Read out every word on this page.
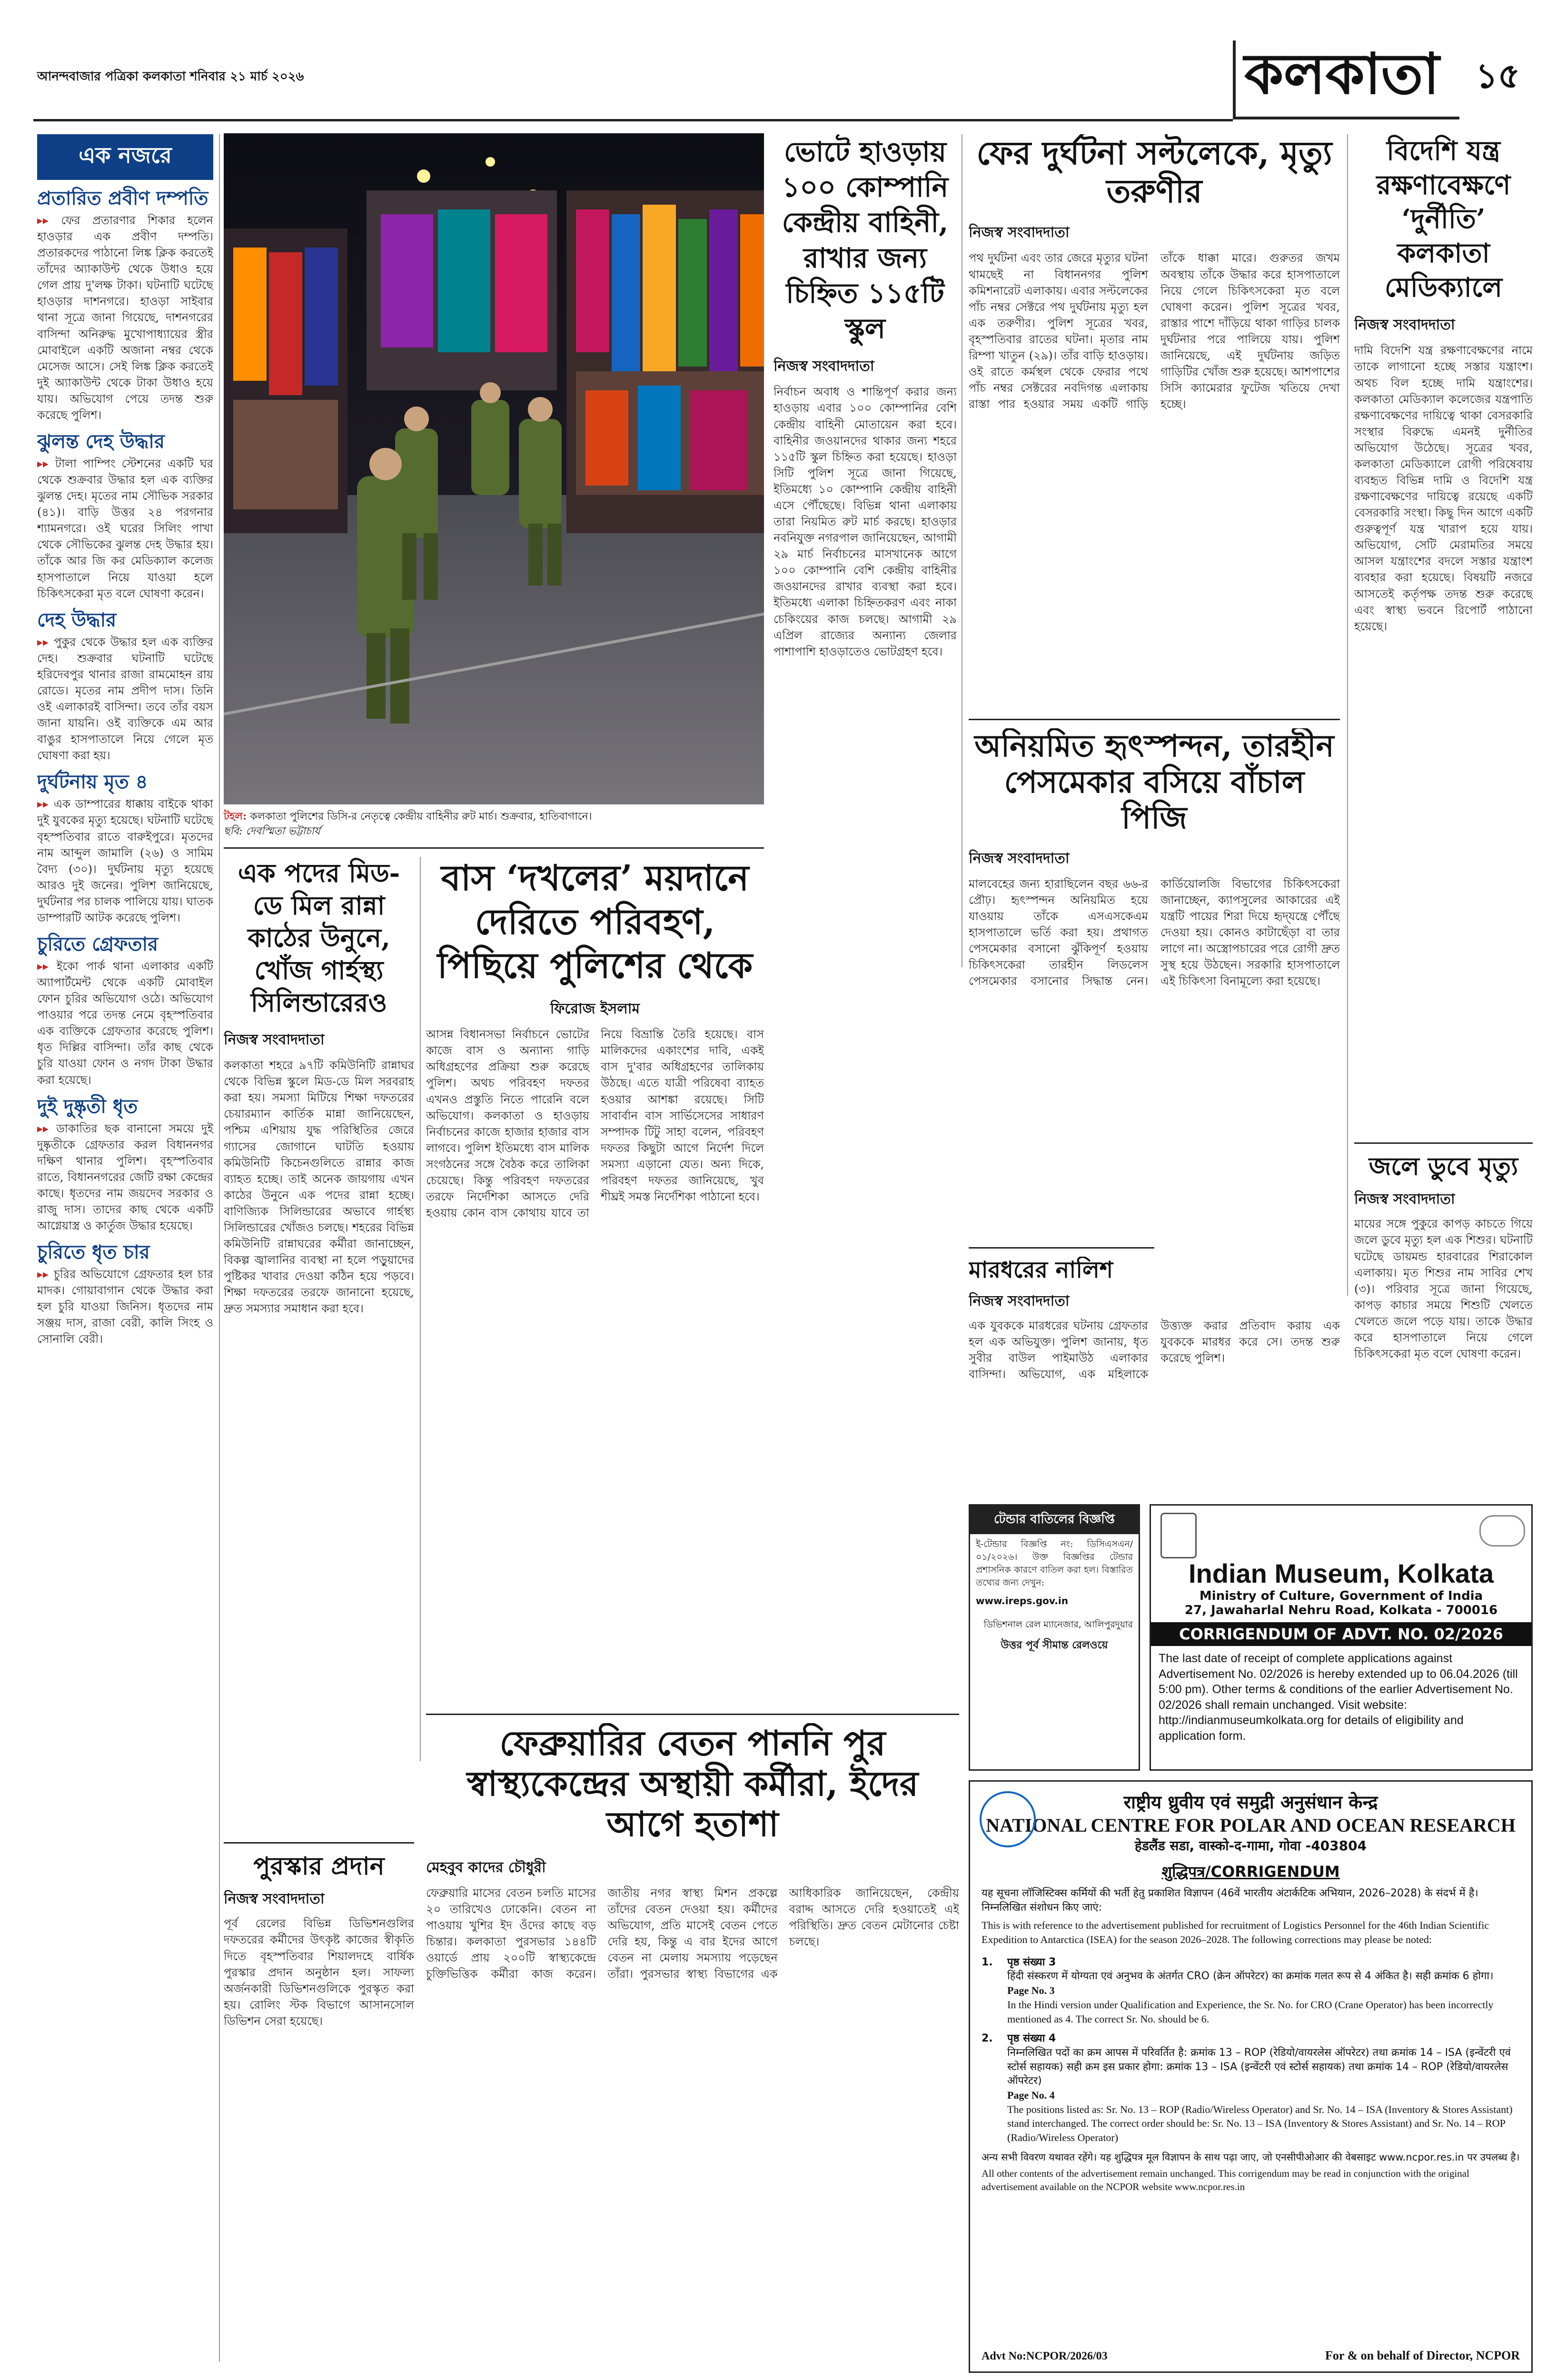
আনন্দবাজার পত্রিকা কলকাতা শনিবার ২১ মার্চ ২০২৬	কলকাতা	১৫
এক নজরে
প্রতারিত প্রবীণ দম্পতি
▸▸ ফের প্রতারণার শিকার হলেন হাওড়ার এক প্রবীণ দম্পতি। প্রতারকদের পাঠানো লিঙ্ক ক্লিক করতেই তাঁদের অ্যাকাউন্ট থেকে উধাও হয়ে গেল প্রায় দু'লক্ষ টাকা। ঘটনাটি ঘটেছে হাওড়ার দাশনগরে। হাওড়া সাইবার থানা সূত্রে জানা গিয়েছে, দাশনগরের বাসিন্দা অনিরুদ্ধ মুখোপাধ্যায়ের স্ত্রীর মোবাইলে একটি অজানা নম্বর থেকে মেসেজ আসে। সেই লিঙ্ক ক্লিক করতেই দুই অ্যাকাউন্ট থেকে টাকা উধাও হয়ে যায়। অভিযোগ পেয়ে তদন্ত শুরু করেছে পুলিশ।
ঝুলন্ত দেহ উদ্ধার
▸▸ টালা পাম্পিং স্টেশনের একটি ঘর থেকে শুক্রবার উদ্ধার হল এক ব্যক্তির ঝুলন্ত দেহ। মৃতের নাম সৌভিক সরকার (৪১)। বাড়ি উত্তর ২৪ পরগনার শ্যামনগরে। ওই ঘরের সিলিং পাখা থেকে সৌভিকের ঝুলন্ত দেহ উদ্ধার হয়। তাঁকে আর জি কর মেডিক্যাল কলেজ হাসপাতালে নিয়ে যাওয়া হলে চিকিৎসকেরা মৃত বলে ঘোষণা করেন।
দেহ উদ্ধার
▸▸ পুকুর থেকে উদ্ধার হল এক ব্যক্তির দেহ। শুক্রবার ঘটনাটি ঘটেছে হরিদেবপুর থানার রাজা রামমোহন রায় রোডে। মৃতের নাম প্রদীপ দাস। তিনি ওই এলাকারই বাসিন্দা। তবে তাঁর বয়স জানা যায়নি। ওই ব্যক্তিকে এম আর বাঙুর হাসপাতালে নিয়ে গেলে মৃত ঘোষণা করা হয়।
দুর্ঘটনায় মৃত ৪
▸▸ এক ডাম্পারের ধাক্কায় বাইকে থাকা দুই যুবকের মৃত্যু হয়েছে। ঘটনাটি ঘটেছে বৃহস্পতিবার রাতে বারুইপুরে। মৃতদের নাম আব্দুল জামালি (২৬) ও সামিম বৈদ্য (৩০)। দুর্ঘটনায় মৃত্যু হয়েছে আরও দুই জনের। পুলিশ জানিয়েছে, দুর্ঘটনার পর চালক পালিয়ে যায়। ঘাতক ডাম্পারটি আটক করেছে পুলিশ।
চুরিতে গ্রেফতার
▸▸ ইকো পার্ক থানা এলাকার একটি অ্যাপার্টমেন্ট থেকে একটি মোবাইল ফোন চুরির অভিযোগ ওঠে। অভিযোগ পাওয়ার পরে তদন্ত নেমে বৃহস্পতিবার এক ব্যক্তিকে গ্রেফতার করেছে পুলিশ। ধৃত দিল্লির বাসিন্দা। তাঁর কাছ থেকে চুরি যাওয়া ফোন ও নগদ টাকা উদ্ধার করা হয়েছে।
দুই দুষ্কৃতী ধৃত
▸▸ ডাকাতির ছক বানানো সময়ে দুই দুষ্কৃতীকে গ্রেফতার করল বিধাননগর দক্ষিণ থানার পুলিশ। বৃহস্পতিবার রাতে, বিধাননগরের জেটি রক্ষা কেন্দ্রের কাছে। ধৃতদের নাম জয়দেব সরকার ও রাজু দাস। তাদের কাছ থেকে একটি আগ্নেয়াস্ত্র ও কার্তুজ উদ্ধার হয়েছে।
চুরিতে ধৃত চার
▸▸ চুরির অভিযোগে গ্রেফতার হল চার মাদক। গোয়াবাগান থেকে উদ্ধার করা হল চুরি যাওয়া জিনিস। ধৃতদের নাম সঞ্জয় দাস, রাজা বেরী, কালি সিংহ ও সোনালি বেরী।
টহল: কলকাতা পুলিশের ডিসি-র নেতৃত্বে কেন্দ্রীয় বাহিনীর রুট মার্চ। শুক্রবার, হাতিবাগানে।
ছবি: দেবস্মিতা ভট্টাচার্য
ভোটে হাওড়ায় ১০০ কোম্পানি কেন্দ্রীয় বাহিনী, রাখার জন্য চিহ্নিত ১১৫টি স্কুল
নিজস্ব সংবাদদাতা
নির্বাচন অবাধ ও শান্তিপূর্ণ করার জন্য হাওড়ায় এবার ১০০ কোম্পানির বেশি কেন্দ্রীয় বাহিনী মোতায়েন করা হবে। বাহিনীর জওয়ানদের থাকার জন্য শহরে ১১৫টি স্কুল চিহ্নিত করা হয়েছে। হাওড়া সিটি পুলিশ সূত্রে জানা গিয়েছে, ইতিমধ্যে ১০ কোম্পানি কেন্দ্রীয় বাহিনী এসে পৌঁছেছে। বিভিন্ন থানা এলাকায় তারা নিয়মিত রুট মার্চ করছে। হাওড়ার নবনিযুক্ত নগরপাল জানিয়েছেন, আগামী ২৯ মার্চ নির্বাচনের মাসখানেক আগে ১০০ কোম্পানি বেশি কেন্দ্রীয় বাহিনীর জওয়ানদের রাখার ব্যবস্থা করা হবে। ইতিমধ্যে এলাকা চিহ্নিতকরণ এবং নাকা চেকিংয়ের কাজ চলছে। আগামী ২৯ এপ্রিল রাজ্যের অন্যান্য জেলার পাশাপাশি হাওড়াতেও ভোটগ্রহণ হবে।
ফের দুর্ঘটনা সল্টলেকে, মৃত্যু তরুণীর
নিজস্ব সংবাদদাতা
পথ দুর্ঘটনা এবং তার জেরে মৃত্যুর ঘটনা থামছেই না বিধাননগর পুলিশ কমিশনারেট এলাকায়। এবার সল্টলেকের পাঁচ নম্বর সেক্টরে পথ দুর্ঘটনায় মৃত্যু হল এক তরুণীর। পুলিশ সূত্রের খবর, বৃহস্পতিবার রাতের ঘটনা। মৃতার নাম রিম্পা খাতুন (২৯)। তাঁর বাড়ি হাওড়ায়। ওই রাতে কর্মস্থল থেকে ফেরার পথে পাঁচ নম্বর সেক্টরের নবদিগন্ত এলাকায় রাস্তা পার হওয়ার সময় একটি গাড়ি তাঁকে ধাক্কা মারে। গুরুতর জখম অবস্থায় তাঁকে উদ্ধার করে হাসপাতালে নিয়ে গেলে চিকিৎসকেরা মৃত বলে ঘোষণা করেন। পুলিশ সূত্রের খবর, রাস্তার পাশে দাঁড়িয়ে থাকা গাড়ির চালক দুর্ঘটনার পরে পালিয়ে যায়। পুলিশ জানিয়েছে, এই দুর্ঘটনায় জড়িত গাড়িটির খোঁজ শুরু হয়েছে। আশপাশের সিসি ক্যামেরার ফুটেজ খতিয়ে দেখা হচ্ছে।
বিদেশি যন্ত্র রক্ষণাবেক্ষণে ‘দুর্নীতি’ কলকাতা মেডিক্যালে
নিজস্ব সংবাদদাতা
দামি বিদেশি যন্ত্র রক্ষণাবেক্ষণের নামে তাকে লাগানো হচ্ছে সস্তার যন্ত্রাংশ। অথচ বিল হচ্ছে দামি যন্ত্রাংশের। কলকাতা মেডিক্যাল কলেজের যন্ত্রপাতি রক্ষণাবেক্ষণের দায়িত্বে থাকা বেসরকারি সংস্থার বিরুদ্ধে এমনই দুর্নীতির অভিযোগ উঠেছে। সূত্রের খবর, কলকাতা মেডিক্যালে রোগী পরিষেবায় ব্যবহৃত বিভিন্ন দামি ও বিদেশি যন্ত্র রক্ষণাবেক্ষণের দায়িত্বে রয়েছে একটি বেসরকারি সংস্থা। কিছু দিন আগে একটি গুরুত্বপূর্ণ যন্ত্র খারাপ হয়ে যায়। অভিযোগ, সেটি মেরামতির সময়ে আসল যন্ত্রাংশের বদলে সস্তার যন্ত্রাংশ ব্যবহার করা হয়েছে। বিষয়টি নজরে আসতেই কর্তৃপক্ষ তদন্ত শুরু করেছে এবং স্বাস্থ্য ভবনে রিপোর্ট পাঠানো হয়েছে।
জলে ডুবে মৃত্যু
নিজস্ব সংবাদদাতা
মায়ের সঙ্গে পুকুরে কাপড় কাচতে গিয়ে জলে ডুবে মৃত্যু হল এক শিশুর। ঘটনাটি ঘটেছে ডায়মন্ড হারবারের শিরাকোল এলাকায়। মৃত শিশুর নাম সাবির শেখ (৩)। পরিবার সূত্রে জানা গিয়েছে, কাপড় কাচার সময়ে শিশুটি খেলতে খেলতে জলে পড়ে যায়। তাকে উদ্ধার করে হাসপাতালে নিয়ে গেলে চিকিৎসকেরা মৃত বলে ঘোষণা করেন।
অনিয়মিত হৃৎস্পন্দন, তারহীন পেসমেকার বসিয়ে বাঁচাল পিজি
নিজস্ব সংবাদদাতা
মালবেহের জন্য হারাছিলেন বছর ৬৬-র প্রৌঢ়। হৃৎস্পন্দন অনিয়মিত হয়ে যাওয়ায় তাঁকে এসএসকেএম হাসপাতালে ভর্তি করা হয়। প্রথাগত পেসমেকার বসানো ঝুঁকিপূর্ণ হওয়ায় চিকিৎসকেরা তারহীন লিডলেস পেসমেকার বসানোর সিদ্ধান্ত নেন। কার্ডিয়োলজি বিভাগের চিকিৎসকেরা জানাচ্ছেন, ক্যাপসুলের আকারের এই যন্ত্রটি পায়ের শিরা দিয়ে হৃদ্‌যন্ত্রে পৌঁছে দেওয়া হয়। কোনও কাটাছেঁড়া বা তার লাগে না। অস্ত্রোপচারের পরে রোগী দ্রুত সুস্থ হয়ে উঠছেন। সরকারি হাসপাতালে এই চিকিৎসা বিনামূল্যে করা হয়েছে।
মারধরের নালিশ
নিজস্ব সংবাদদাতা
এক যুবককে মারধরের ঘটনায় গ্রেফতার হল এক অভিযুক্ত। পুলিশ জানায়, ধৃত সুবীর বাউল পাইমাউঠ এলাকার বাসিন্দা। অভিযোগ, এক মহিলাকে উত্ত্যক্ত করার প্রতিবাদ করায় এক যুবককে মারধর করে সে। তদন্ত শুরু করেছে পুলিশ।
এক পদের মিড-ডে মিল রান্না কাঠের উনুনে, খোঁজ গার্হস্থ্য সিলিন্ডারেরও
নিজস্ব সংবাদদাতা
কলকাতা শহরে ৯৭টি কমিউনিটি রান্নাঘর থেকে বিভিন্ন স্কুলে মিড-ডে মিল সরবরাহ করা হয়। সমস্যা মিটিয়ে শিক্ষা দফতরের চেয়ারম্যান কার্তিক মান্না জানিয়েছেন, পশ্চিম এশিয়ায় যুদ্ধ পরিস্থিতির জেরে গ্যাসের জোগানে ঘাটতি হওয়ায় কমিউনিটি কিচেনগুলিতে রান্নার কাজ ব্যাহত হচ্ছে। তাই অনেক জায়গায় এখন কাঠের উনুনে এক পদের রান্না হচ্ছে। বাণিজ্যিক সিলিন্ডারের অভাবে গার্হস্থ্য সিলিন্ডারের খোঁজও চলছে। শহরের বিভিন্ন কমিউনিটি রান্নাঘরের কর্মীরা জানাচ্ছেন, বিকল্প জ্বালানির ব্যবস্থা না হলে পড়ুয়াদের পুষ্টিকর খাবার দেওয়া কঠিন হয়ে পড়বে। শিক্ষা দফতরের তরফে জানানো হয়েছে, দ্রুত সমস্যার সমাধান করা হবে।
বাস ‘দখলের’ ময়দানে দেরিতে পরিবহণ, পিছিয়ে পুলিশের থেকে
ফিরোজ ইসলাম
আসন্ন বিধানসভা নির্বাচনে ভোটের কাজে বাস ও অন্যান্য গাড়ি অধিগ্রহণের প্রক্রিয়া শুরু করেছে পুলিশ। অথচ পরিবহণ দফতর এখনও প্রস্তুতি নিতে পারেনি বলে অভিযোগ। কলকাতা ও হাওড়ায় নির্বাচনের কাজে হাজার হাজার বাস লাগবে। পুলিশ ইতিমধ্যে বাস মালিক সংগঠনের সঙ্গে বৈঠক করে তালিকা চেয়েছে। কিন্তু পরিবহণ দফতরের তরফে নির্দেশিকা আসতে দেরি হওয়ায় কোন বাস কোথায় যাবে তা নিয়ে বিভ্রান্তি তৈরি হয়েছে। বাস মালিকদের একাংশের দাবি, একই বাস দু'বার অধিগ্রহণের তালিকায় উঠছে। এতে যাত্রী পরিষেবা ব্যাহত হওয়ার আশঙ্কা রয়েছে। সিটি সাবার্বান বাস সার্ভিসেসের সাধারণ সম্পাদক টিটু সাহা বলেন, পরিবহণ দফতর কিছুটা আগে নির্দেশ দিলে সমস্যা এড়ানো যেত। অন্য দিকে, পরিবহণ দফতর জানিয়েছে, খুব শীঘ্রই সমস্ত নির্দেশিকা পাঠানো হবে।
ফেব্রুয়ারির বেতন পাননি পুর স্বাস্থ্যকেন্দ্রের অস্থায়ী কর্মীরা, ইদের আগে হতাশা
মেহবুব কাদের চৌধুরী
ফেব্রুয়ারি মাসের বেতন চলতি মাসের ২০ তারিখেও ঢোকেনি। বেতন না পাওয়ায় খুশির ইদ ওঁদের কাছে বড় চিন্তার। কলকাতা পুরসভার ১৪৪টি ওয়ার্ডে প্রায় ২০০টি স্বাস্থ্যকেন্দ্রে চুক্তিভিত্তিক কর্মীরা কাজ করেন। জাতীয় নগর স্বাস্থ্য মিশন প্রকল্পে তাঁদের বেতন দেওয়া হয়। কর্মীদের অভিযোগ, প্রতি মাসেই বেতন পেতে দেরি হয়, কিন্তু এ বার ইদের আগে বেতন না মেলায় সমস্যায় পড়েছেন তাঁরা। পুরসভার স্বাস্থ্য বিভাগের এক আধিকারিক জানিয়েছেন, কেন্দ্রীয় বরাদ্দ আসতে দেরি হওয়াতেই এই পরিস্থিতি। দ্রুত বেতন মেটানোর চেষ্টা চলছে।
পুরস্কার প্রদান
নিজস্ব সংবাদদাতা
পূর্ব রেলের বিভিন্ন ডিভিশনগুলির দফতরের কর্মীদের উৎকৃষ্ট কাজের স্বীকৃতি দিতে বৃহস্পতিবার শিয়ালদহে বার্ষিক পুরস্কার প্রদান অনুষ্ঠান হল। সাফল্য অর্জনকারী ডিভিশনগুলিকে পুরস্কৃত করা হয়। রোলিং স্টক বিভাগে আসানসোল ডিভিশন সেরা হয়েছে।
টেন্ডার বাতিলের বিজ্ঞপ্তি
ই-টেন্ডার বিজ্ঞপ্তি নং: ডিসিএসএন/০১/২০২৬। উক্ত বিজ্ঞপ্তির টেন্ডার প্রশাসনিক কারণে বাতিল করা হল। বিস্তারিত তথ্যের জন্য দেখুন:
www.ireps.gov.in
ডিভিশনাল রেল ম্যানেজার, আলিপুরদুয়ার
উত্তর পূর্ব সীমান্ত রেলওয়ে
Indian Museum, Kolkata
Ministry of Culture, Government of India
27, Jawaharlal Nehru Road, Kolkata - 700016
CORRIGENDUM OF ADVT. NO. 02/2026
The last date of receipt of complete applications against Advertisement No. 02/2026 is hereby extended up to 06.04.2026 (till 5:00 pm). Other terms & conditions of the earlier Advertisement No. 02/2026 shall remain unchanged. Visit website: http://indianmuseumkolkata.org for details of eligibility and application form.
राष्ट्रीय ध्रुवीय एवं समुद्री अनुसंधान केन्द्र
NATIONAL CENTRE FOR POLAR AND OCEAN RESEARCH
हेडलैंड सडा, वास्को-द-गामा, गोवा -403804
शुद्धिपत्र/CORRIGENDUM
यह सूचना लॉजिस्टिक्स कर्मियों की भर्ती हेतु प्रकाशित विज्ञापन (46वें भारतीय अंटार्कटिक अभियान, 2026–2028) के संदर्भ में है। निम्नलिखित संशोधन किए जाएं:
This is with reference to the advertisement published for recruitment of Logistics Personnel for the 46th Indian Scientific Expedition to Antarctica (ISEA) for the season 2026–2028. The following corrections may please be noted:
1.	पृष्ठ संख्या 3
हिंदी संस्करण में योग्यता एवं अनुभव के अंतर्गत CRO (क्रेन ऑपरेटर) का क्रमांक गलत रूप से 4 अंकित है। सही क्रमांक 6 होगा।
Page No. 3
In the Hindi version under Qualification and Experience, the Sr. No. for CRO (Crane Operator) has been incorrectly mentioned as 4. The correct Sr. No. should be 6.
2.	पृष्ठ संख्या 4
निम्नलिखित पदों का क्रम आपस में परिवर्तित है: क्रमांक 13 – ROP (रेडियो/वायरलेस ऑपरेटर) तथा क्रमांक 14 – ISA (इन्वेंटरी एवं स्टोर्स सहायक) सही क्रम इस प्रकार होगा: क्रमांक 13 – ISA (इन्वेंटरी एवं स्टोर्स सहायक) तथा क्रमांक 14 – ROP (रेडियो/वायरलेस ऑपरेटर)
Page No. 4
The positions listed as: Sr. No. 13 – ROP (Radio/Wireless Operator) and Sr. No. 14 – ISA (Inventory & Stores Assistant) stand interchanged. The correct order should be: Sr. No. 13 – ISA (Inventory & Stores Assistant) and Sr. No. 14 – ROP (Radio/Wireless Operator)
अन्य सभी विवरण यथावत रहेंगे। यह शुद्धिपत्र मूल विज्ञापन के साथ पढ़ा जाए, जो एनसीपीओआर की वेबसाइट www.ncpor.res.in पर उपलब्ध है।
All other contents of the advertisement remain unchanged. This corrigendum may be read in conjunction with the original advertisement available on the NCPOR website www.ncpor.res.in
Advt No:NCPOR/2026/03	For & on behalf of Director, NCPOR
